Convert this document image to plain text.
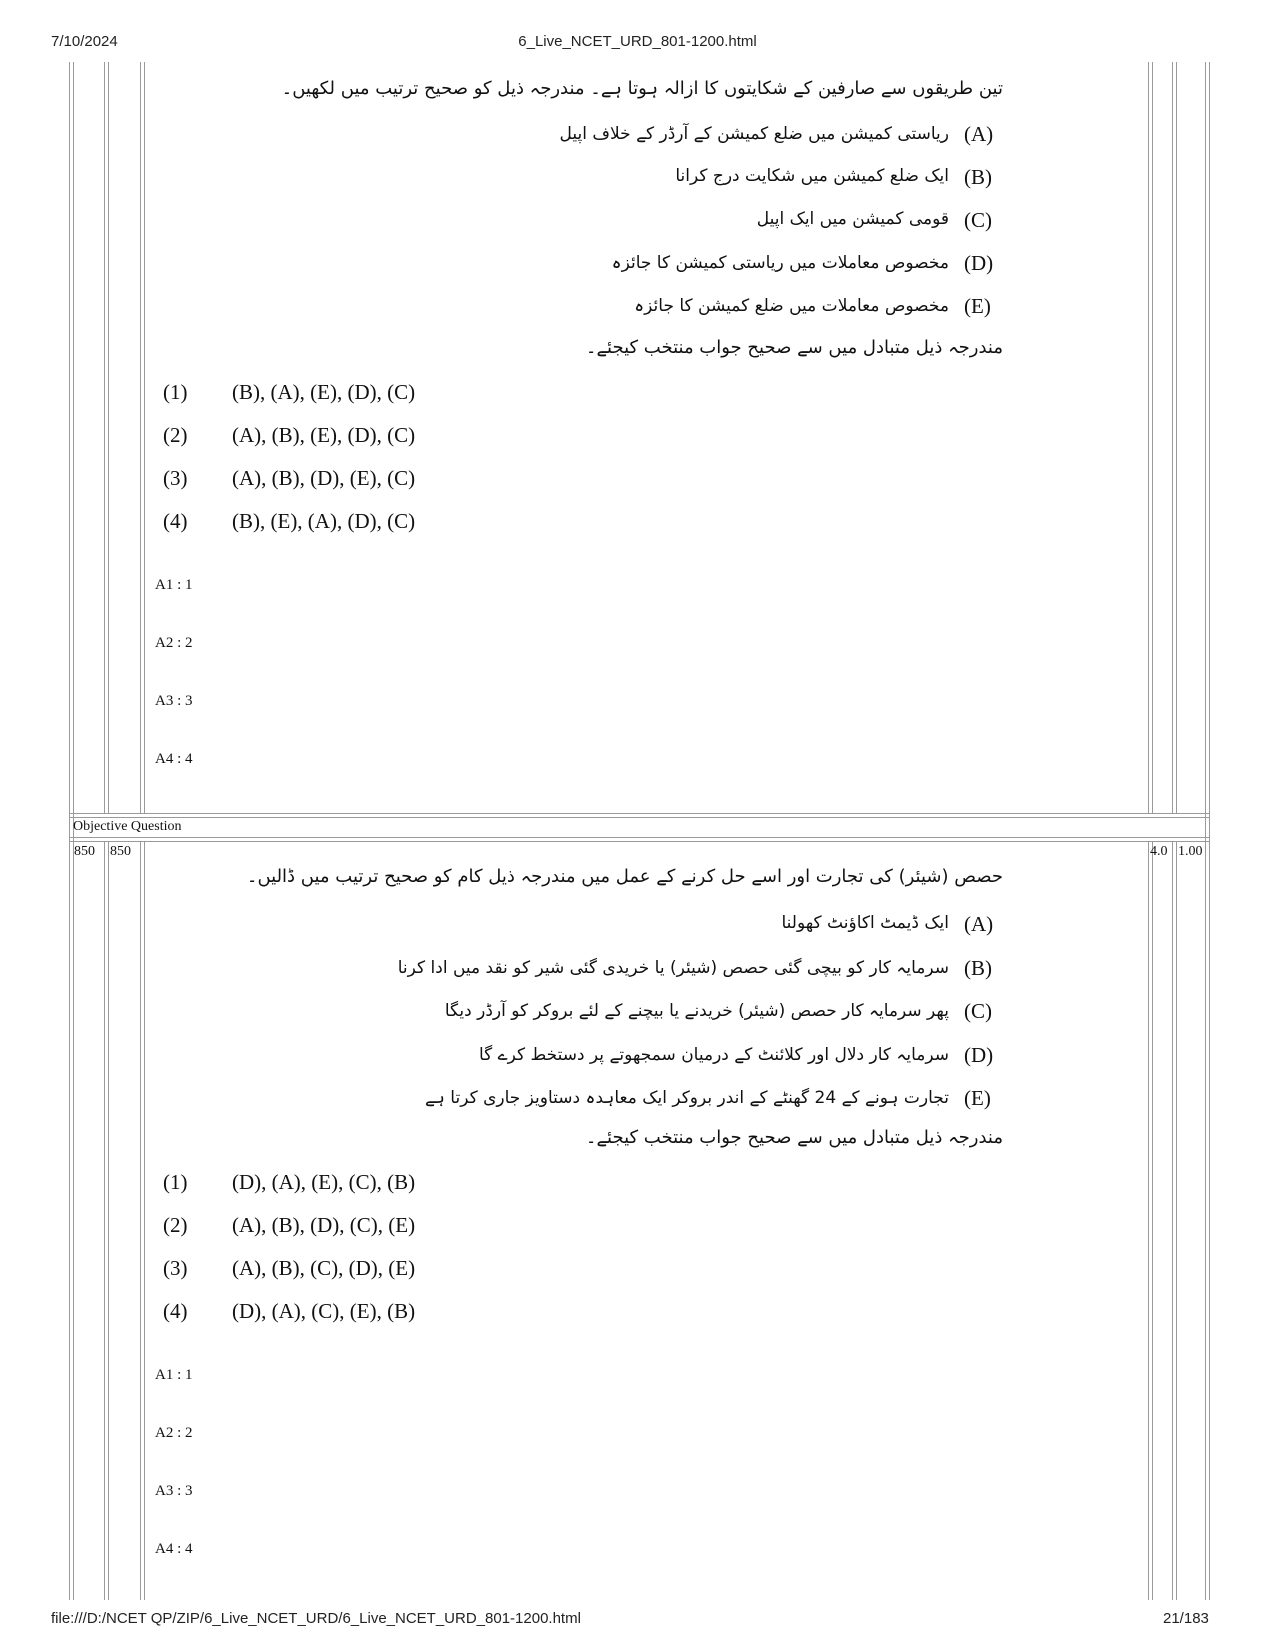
7/10/2024	6_Live_NCET_URD_801-1200.html
تین طریقوں سے صارفین کے شکایتوں کا ازالہ ہوتا ہے۔ مندرجہ ذیل کو صحیح ترتیب میں لکھیں۔
(A)
ریاستی کمیشن میں ضلع کمیشن کے آرڈر کے خلاف اپیل
(B)
ایک ضلع کمیشن میں شکایت درج کرانا
(C)
قومی کمیشن میں ایک اپیل
(D)
مخصوص معاملات میں ریاستی کمیشن کا جائزہ
(E)
مخصوص معاملات میں ضلع کمیشن کا جائزہ
مندرجہ ذیل متبادل میں سے صحیح جواب منتخب کیجئے۔
(1) (B), (A), (E), (D), (C)
(2) (A), (B), (E), (D), (C)
(3) (A), (B), (D), (E), (C)
(4) (B), (E), (A), (D), (C)
A1 : 1
A2 : 2
A3 : 3
A4 : 4
Objective Question
850 850	4.0 1.00
حصص (شیئر) کی تجارت اور اسے حل کرنے کے عمل میں مندرجہ ذیل کام کو صحیح ترتیب میں ڈالیں۔
(A)
ایک ڈیمٹ اکاؤنٹ کھولنا
(B)
سرمایہ کار کو بیچی گئی حصص (شیئر) یا خریدی گئی شیر کو نقد میں ادا کرنا
(C)
پھر سرمایہ کار حصص (شیئر) خریدنے یا بیچنے کے لئے بروکر کو آرڈر دیگا
(D)
سرمایہ کار دلال اور کلائنٹ کے درمیان سمجھوتے پر دستخط کرے گا
(E)
تجارت ہونے کے 24 گھنٹے کے اندر بروکر ایک معاہدہ دستاویز جاری کرتا ہے
مندرجہ ذیل متبادل میں سے صحیح جواب منتخب کیجئے۔
(1) (D), (A), (E), (C), (B)
(2) (A), (B), (D), (C), (E)
(3) (A), (B), (C), (D), (E)
(4) (D), (A), (C), (E), (B)
A1 : 1
A2 : 2
A3 : 3
A4 : 4
file:///D:/NCET QP/ZIP/6_Live_NCET_URD/6_Live_NCET_URD_801-1200.html	21/183
